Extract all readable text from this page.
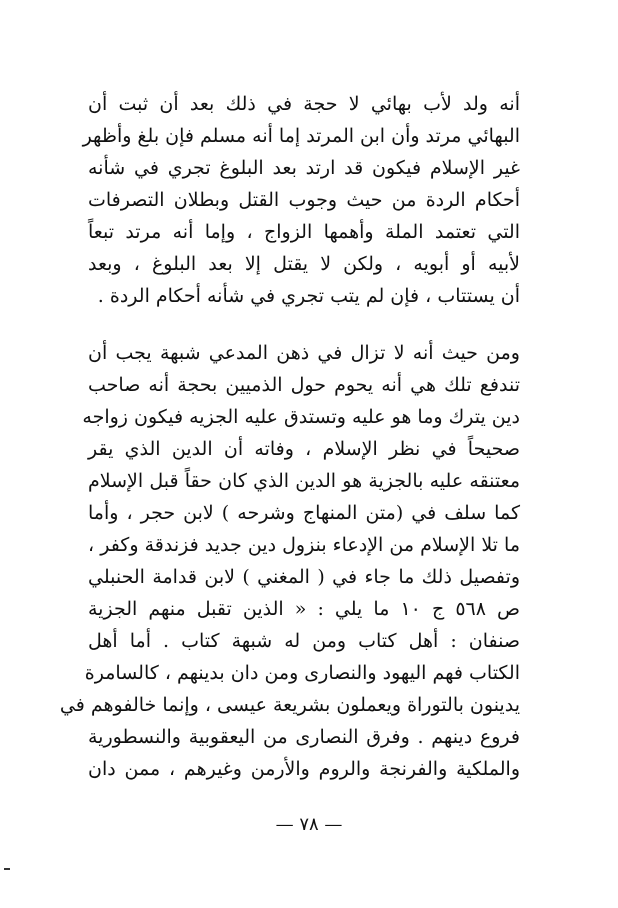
أنه ولد لأب بهائي لا حجة في ذلك بعد أن ثبت أن
البهائي مرتد وأن ابن المرتد إما أنه مسلم فإن بلغ وأظهر
غير الإسلام فيكون قد ارتد بعد البلوغ تجري في شأنه
أحكام الردة من حيث وجوب القتل وبطلان التصرفات
التي تعتمد الملة وأهمها الزواج ، وإما أنه مرتد تبعاً
لأبيه أو أبويه ، ولكن لا يقتل إلا بعد البلوغ ، وبعد
أن يستتاب ، فإن لم يتب تجري في شأنه أحكام الردة .
ومن حيث أنه لا تزال في ذهن المدعي شبهة يجب أن
تندفع تلك هي أنه يحوم حول الذميين بحجة أنه صاحب
دين يترك وما هو عليه وتستدق عليه الجزيه فيكون زواجه
صحيحاً في نظر الإسلام ، وفاته أن الدين الذي يقر
معتنقه عليه بالجزية هو الدين الذي كان حقاً قبل الإسلام
كما سلف في (متن المنهاج وشرحه ) لابن حجر ، وأما
ما تلا الإسلام من الإدعاء بنزول دين جديد فزندقة وكفر ،
وتفصيل ذلك ما جاء في ( المغني ) لابن قدامة الحنبلي
ص ٥٦٨ ج ١٠ ما يلي : « الذين تقبل منهم الجزية
صنفان : أهل كتاب ومن له شبهة كتاب . أما أهل
الكتاب فهم اليهود والنصارى ومن دان بدينهم ، كالسامرة
يدينون بالتوراة ويعملون بشريعة عيسى ، وإنما خالفوهم في
فروع دينهم . وفرق النصارى من اليعقوبية والنسطورية
والملكية والفرنجة والروم والأرمن وغيرهم ، ممن دان
— ٧٨ —
